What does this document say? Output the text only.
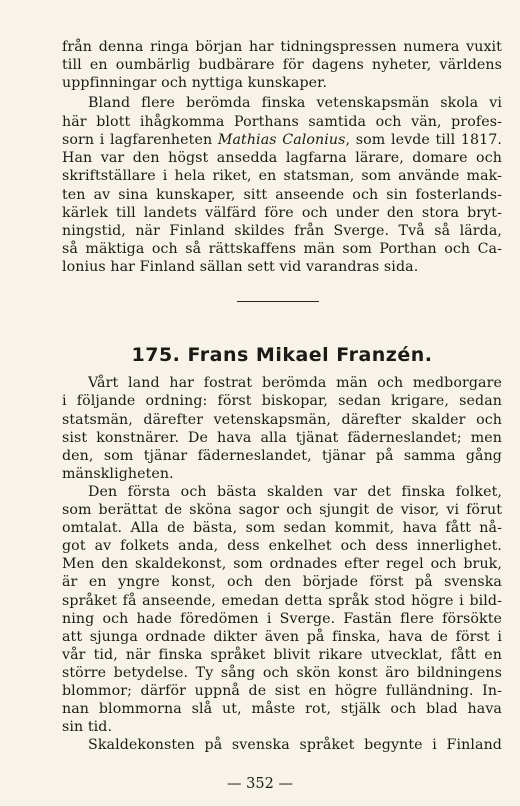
från denna ringa början har tidningspressen numera vuxit
till en oumbärlig budbärare för dagens nyheter, världens
uppfinningar och nyttiga kunskaper.
Bland flere berömda finska vetenskapsmän skola vi
här blott ihågkomma Porthans samtida och vän, profes-
sorn i lagfarenheten Mathias Calonius, som levde till 1817.
Han var den högst ansedda lagfarna lärare, domare och
skriftställare i hela riket, en statsman, som använde mak-
ten av sina kunskaper, sitt anseende och sin fosterlands-
kärlek till landets välfärd före och under den stora bryt-
ningstid, när Finland skildes från Sverge. Två så lärda,
så mäktiga och så rättskaffens män som Porthan och Ca-
lonius har Finland sällan sett vid varandras sida.
175. Frans Mikael Franzén.
Vårt land har fostrat berömda män och medborgare
i följande ordning: först biskopar, sedan krigare, sedan
statsmän, därefter vetenskapsmän, därefter skalder och
sist konstnärer. De hava alla tjänat fäderneslandet; men
den, som tjänar fäderneslandet, tjänar på samma gång
mänskligheten.
Den första och bästa skalden var det finska folket,
som berättat de sköna sagor och sjungit de visor, vi förut
omtalat. Alla de bästa, som sedan kommit, hava fått nå-
got av folkets anda, dess enkelhet och dess innerlighet.
Men den skaldekonst, som ordnades efter regel och bruk,
är en yngre konst, och den började först på svenska
språket få anseende, emedan detta språk stod högre i bild-
ning och hade föredömen i Sverge. Fastän flere försökte
att sjunga ordnade dikter även på finska, hava de först i
vår tid, när finska språket blivit rikare utvecklat, fått en
större betydelse. Ty sång och skön konst äro bildningens
blommor; därför uppnå de sist en högre fulländning. In-
nan blommorna slå ut, måste rot, stjälk och blad hava
sin tid.
Skaldekonsten på svenska språket begynte i Finland
— 352 —
